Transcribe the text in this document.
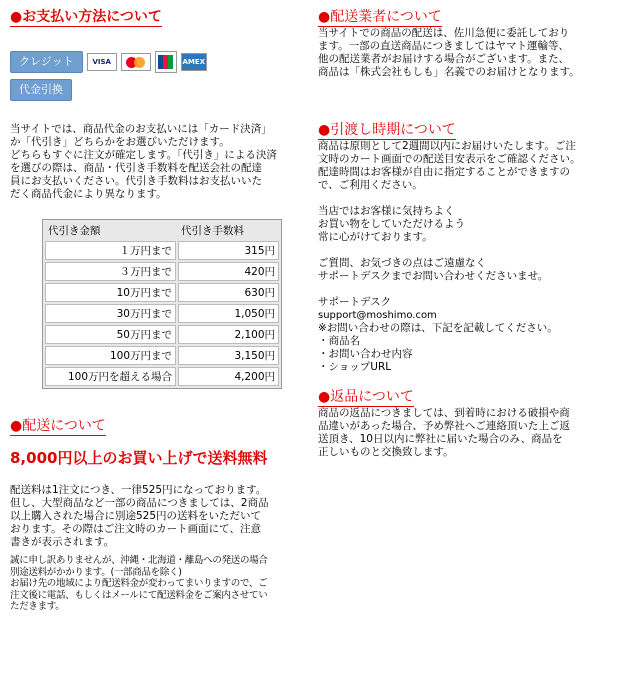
●お支払い方法について
クレジット	VISA	AMEX
代金引換

当サイトでは、商品代金のお支払いには「カード決済」

か「代引き」どちらかをお選びいただけます。

どちらもすぐに注文が確定します。「代引き」による決済

を選びの際は、商品・代引き手数料を配送会社の配達

員にお支払いください。代引き手数料はお支払いいた

だく商品代金により異なります。

代引き金額	代引き手数料
１万円まで	315円
３万円まで	420円
10万円まで	630円
30万円まで	1,050円
50万円まで	2,100円
100万円まで	3,150円
100万円を超える場合	4,200円
●配送について

8,000円以上のお買い上げで送料無料

配送料は1注文につき、一律525円になっております。

但し、大型商品など一部の商品につきましては、2商品

以上購入された場合に別途525円の送料をいただいて

おります。その際はご注文時のカート画面にて、注意

書きが表示されます。

誠に申し訳ありませんが、沖縄・北海道・離島への発送の場合

別途送料がかかります。(一部商品を除く)

お届け先の地域により配送料金が変わってまいりますので、ご

注文後に電話、もしくはメールにて配送料金をご案内させてい

ただきます。

●配送業者について

当サイトでの商品の配送は、佐川急便に委託しており

ます。一部の直送商品につきましてはヤマト運輸等、

他の配送業者がお届けする場合がございます。また、

商品は「株式会社もしも」名義でのお届けとなります。

●引渡し時期について

商品は原則として2週間以内にお届けいたします。ご注

文時のカート画面での配送目安表示をご確認ください。

配達時間はお客様が自由に指定することができますの

で、ご利用ください。

当店ではお客様に気持ちよく

お買い物をしていただけるよう

常に心がけております。

ご質問、お気づきの点はご遠慮なく

サポートデスクまでお問い合わせくださいませ。

サポートデスク

support@moshimo.com

※お問い合わせの際は、下記を記載してください。

・商品名

・お問い合わせ内容

・ショップURL

●返品について

商品の返品につきましては、到着時における破損や商

品違いがあった場合、予め弊社へご連絡頂いた上ご返

送頂き、10日以内に弊社に届いた場合のみ、商品を

正しいものと交換致します。
